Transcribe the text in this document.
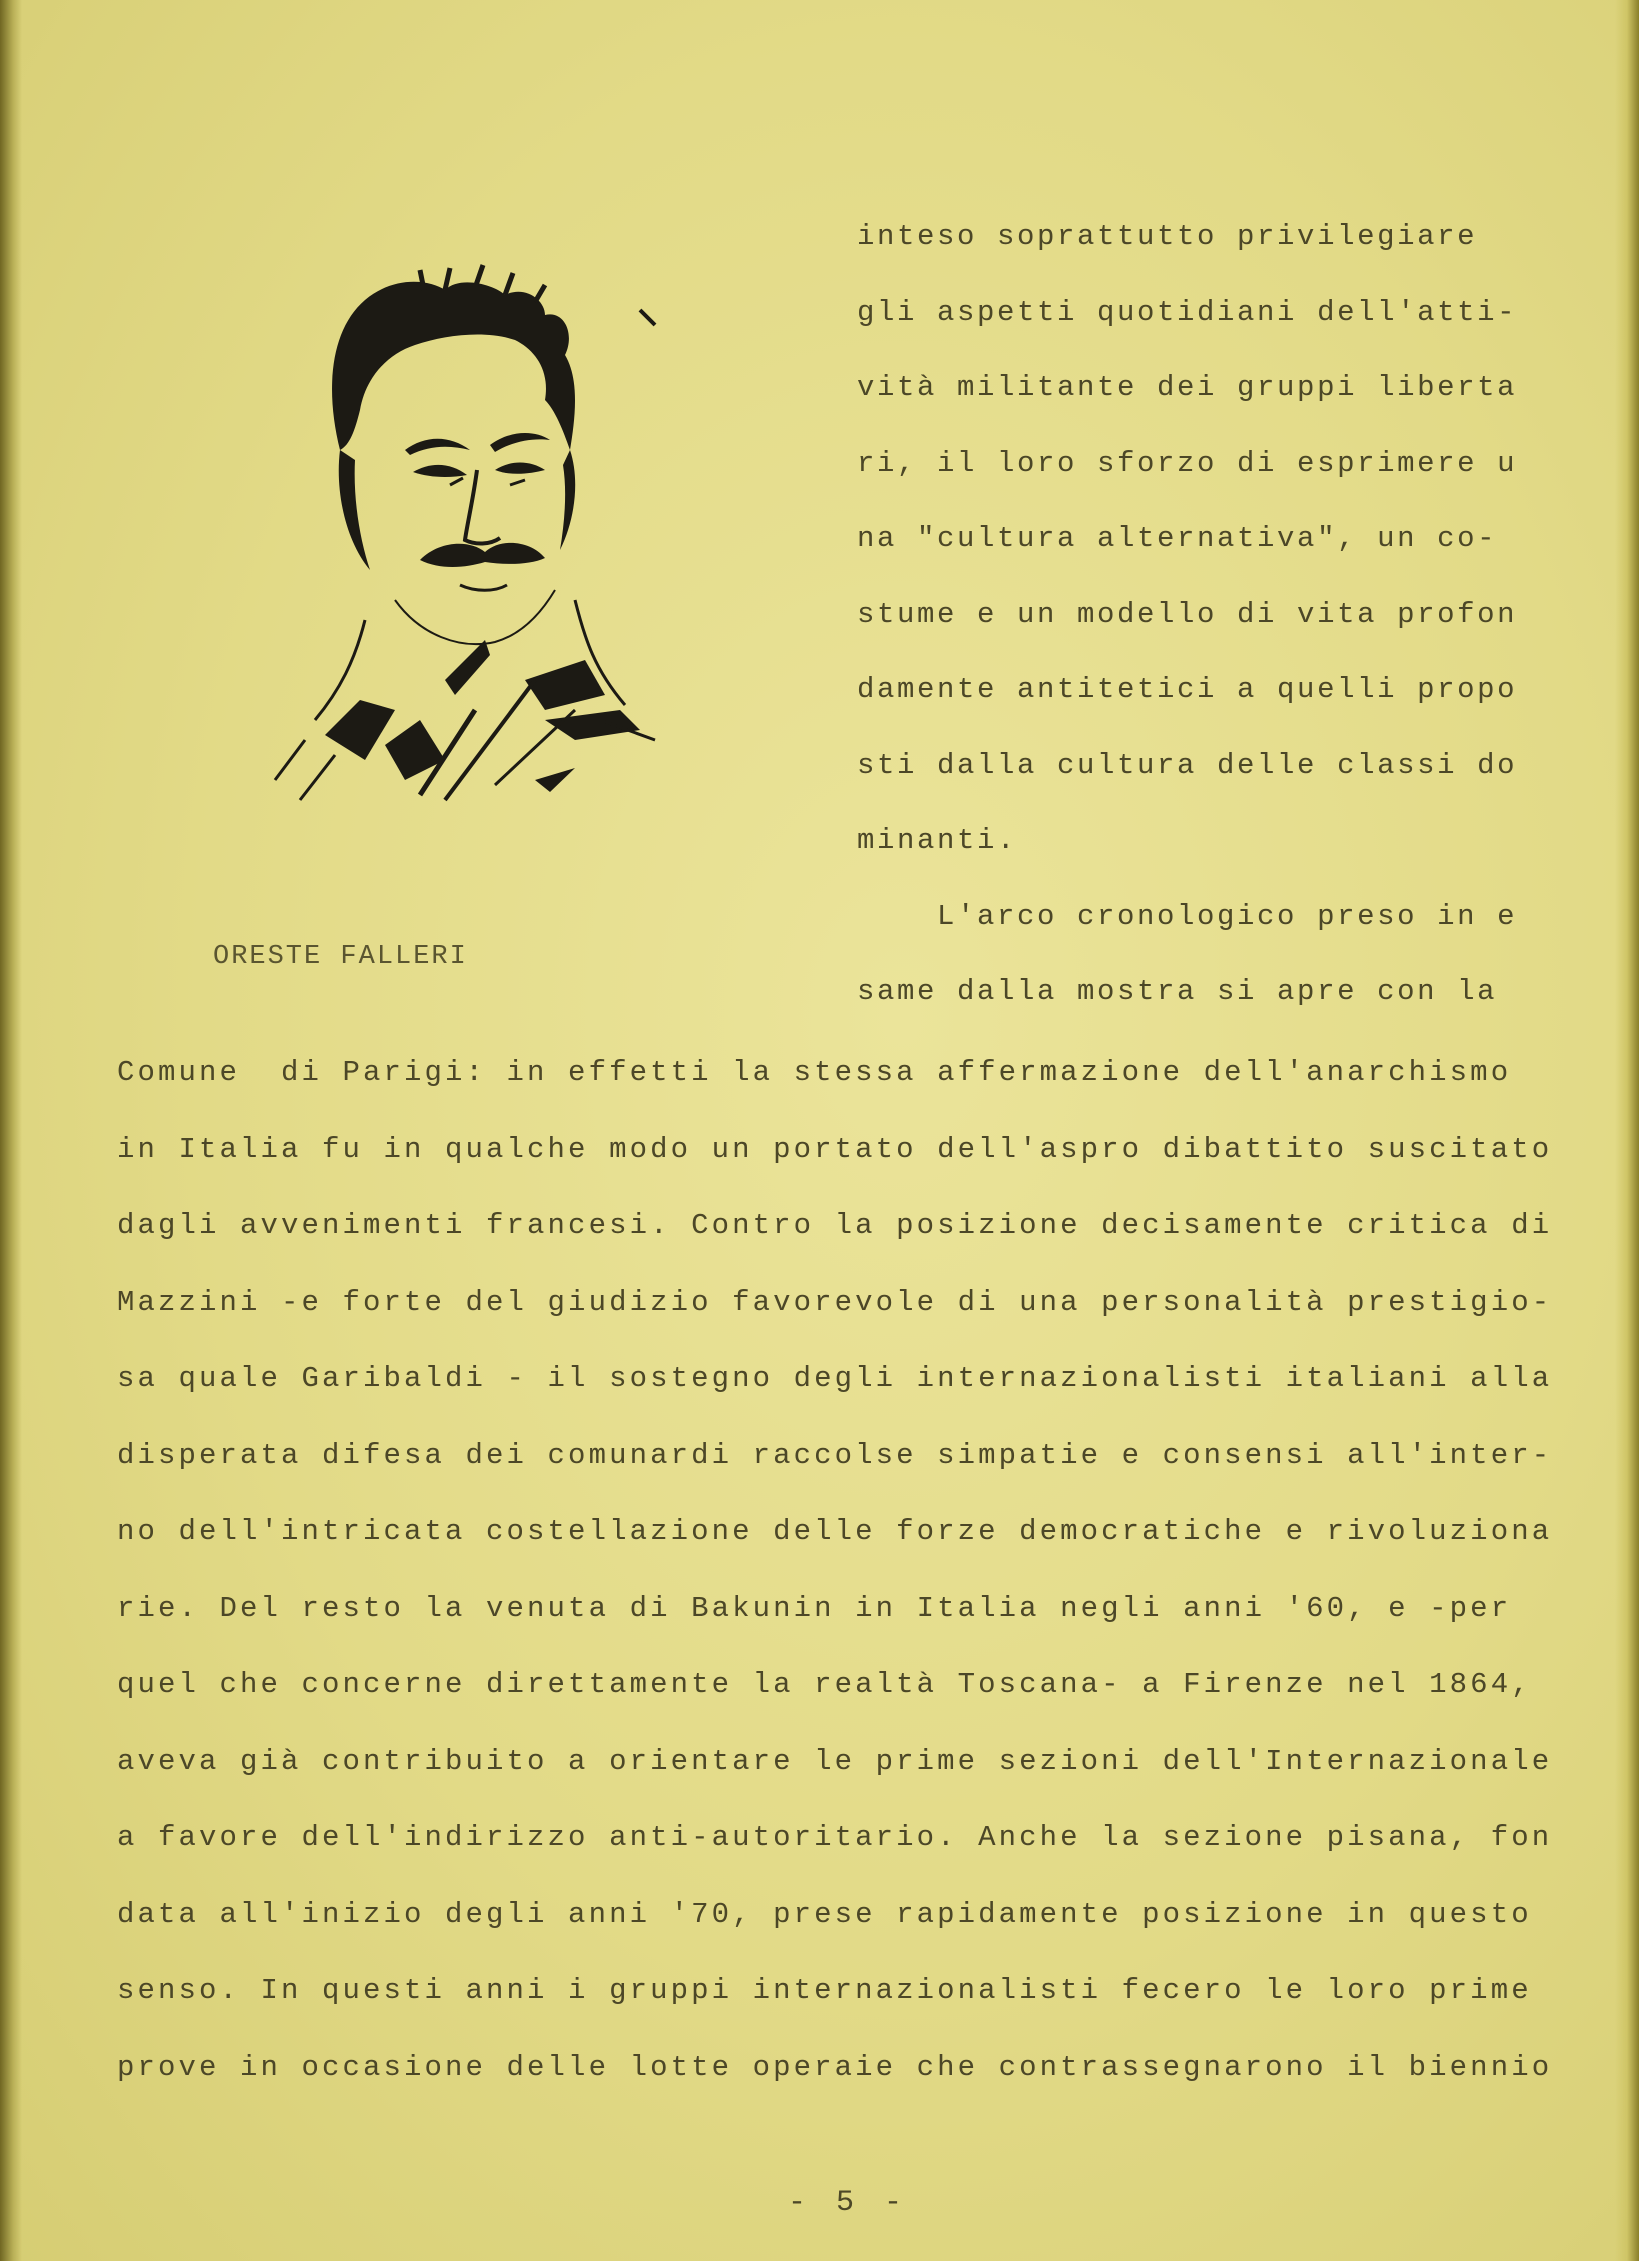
ORESTE FALLERI
inteso soprattutto privilegiare
gli aspetti quotidiani dell'atti-
vità militante dei gruppi liberta
ri, il loro sforzo di esprimere u
na "cultura alternativa", un co-
stume e un modello di vita profon
damente antitetici a quelli propo
sti dalla cultura delle classi do
minanti.
L'arco cronologico preso in e
same dalla mostra si apre con la
Comune  di Parigi: in effetti la stessa affermazione dell'anarchismo
in Italia fu in qualche modo un portato dell'aspro dibattito suscitato
dagli avvenimenti francesi. Contro la posizione decisamente critica di
Mazzini -e forte del giudizio favorevole di una personalità prestigio-
sa quale Garibaldi - il sostegno degli internazionalisti italiani alla
disperata difesa dei comunardi raccolse simpatie e consensi all'inter-
no dell'intricata costellazione delle forze democratiche e rivoluziona
rie. Del resto la venuta di Bakunin in Italia negli anni '60, e -per
quel che concerne direttamente la realtà Toscana- a Firenze nel 1864,
aveva già contribuito a orientare le prime sezioni dell'Internazionale
a favore dell'indirizzo anti-autoritario. Anche la sezione pisana, fon
data all'inizio degli anni '70, prese rapidamente posizione in questo
senso. In questi anni i gruppi internazionalisti fecero le loro prime
prove in occasione delle lotte operaie che contrassegnarono il biennio
- 5 -
